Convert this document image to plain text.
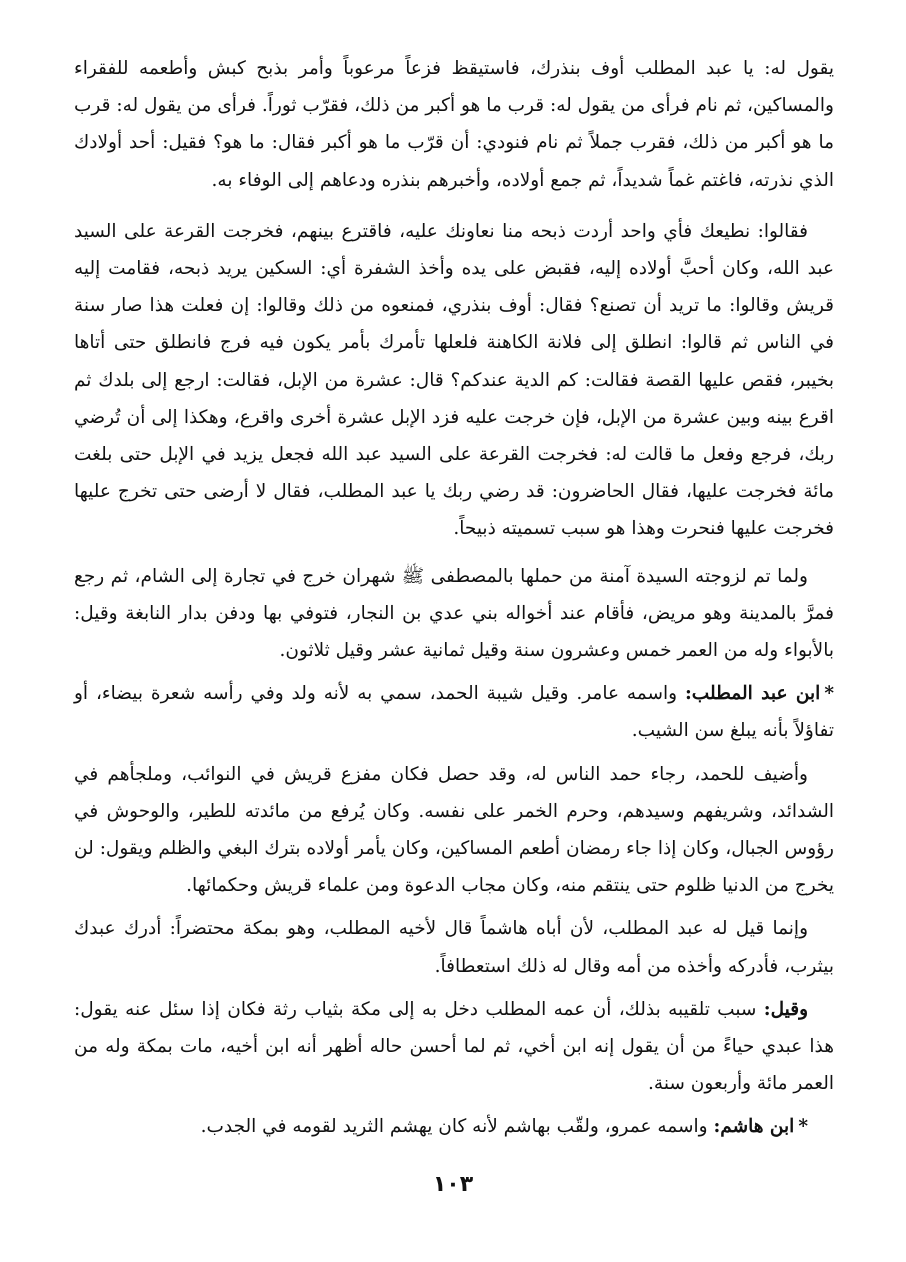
يقول له: يا عبد المطلب أوف بنذرك، فاستيقظ فزعاً مرعوباً وأمر بذبح كبش وأطعمه للفقراء والمساكين، ثم نام فرأى من يقول له: قرب ما هو أكبر من ذلك، فقرّب ثوراً. فرأى من يقول له: قرب ما هو أكبر من ذلك، فقرب جملاً ثم نام فنودي: أن قرّب ما هو أكبر فقال: ما هو؟ فقيل: أحد أولادك الذي نذرته، فاغتم غماً شديداً، ثم جمع أولاده، وأخبرهم بنذره ودعاهم إلى الوفاء به.

فقالوا: نطيعك فأي واحد أردت ذبحه منا نعاونك عليه، فاقترع بينهم، فخرجت القرعة على السيد عبد الله، وكان أحبَّ أولاده إليه، فقبض على يده وأخذ الشفرة أي: السكين يريد ذبحه، فقامت إليه قريش وقالوا: ما تريد أن تصنع؟ فقال: أوف بنذري، فمنعوه من ذلك وقالوا: إن فعلت هذا صار سنة في الناس ثم قالوا: انطلق إلى فلانة الكاهنة فلعلها تأمرك بأمر يكون فيه فرج فانطلق حتى أتاها بخيبر، فقص عليها القصة فقالت: كم الدية عندكم؟ قال: عشرة من الإبل، فقالت: ارجع إلى بلدك ثم اقرع بينه وبين عشرة من الإبل، فإن خرجت عليه فزد الإبل عشرة أخرى واقرع، وهكذا إلى أن تُرضي ربك، فرجع وفعل ما قالت له: فخرجت القرعة على السيد عبد الله فجعل يزيد في الإبل حتى بلغت مائة فخرجت عليها، فقال الحاضرون: قد رضي ربك يا عبد المطلب، فقال لا أرضى حتى تخرج عليها فخرجت عليها فنحرت وهذا هو سبب تسميته ذبيحاً.

ولما تم لزوجته السيدة آمنة من حملها بالمصطفى ﷺ شهران خرج في تجارة إلى الشام، ثم رجع فمرَّ بالمدينة وهو مريض، فأقام عند أخواله بني عدي بن النجار، فتوفي بها ودفن بدار النابغة وقيل: بالأبواء وله من العمر خمس وعشرون سنة وقيل ثمانية عشر وقيل ثلاثون.

*ابن عبد المطلب: واسمه عامر. وقيل شيبة الحمد، سمي به لأنه ولد وفي رأسه شعرة بيضاء، أو تفاؤلاً بأنه يبلغ سن الشيب.

وأضيف للحمد، رجاء حمد الناس له، وقد حصل فكان مفزع قريش في النوائب، وملجأهم في الشدائد، وشريفهم وسيدهم، وحرم الخمر على نفسه. وكان يُرفع من مائدته للطير، والوحوش في رؤوس الجبال، وكان إذا جاء رمضان أطعم المساكين، وكان يأمر أولاده بترك البغي والظلم ويقول: لن يخرج من الدنيا ظلوم حتى ينتقم منه، وكان مجاب الدعوة ومن علماء قريش وحكمائها.

وإنما قيل له عبد المطلب، لأن أباه هاشماً قال لأخيه المطلب، وهو بمكة محتضراً: أدرك عبدك بيثرب، فأدركه وأخذه من أمه وقال له ذلك استعطافاً.

وقيل: سبب تلقيبه بذلك، أن عمه المطلب دخل به إلى مكة بثياب رثة فكان إذا سئل عنه يقول: هذا عبدي حياءً من أن يقول إنه ابن أخي، ثم لما أحسن حاله أظهر أنه ابن أخيه، مات بمكة وله من العمر مائة وأربعون سنة.

*ابن هاشم: واسمه عمرو، ولقّب بهاشم لأنه كان يهشم الثريد لقومه في الجدب.

١٠٣
